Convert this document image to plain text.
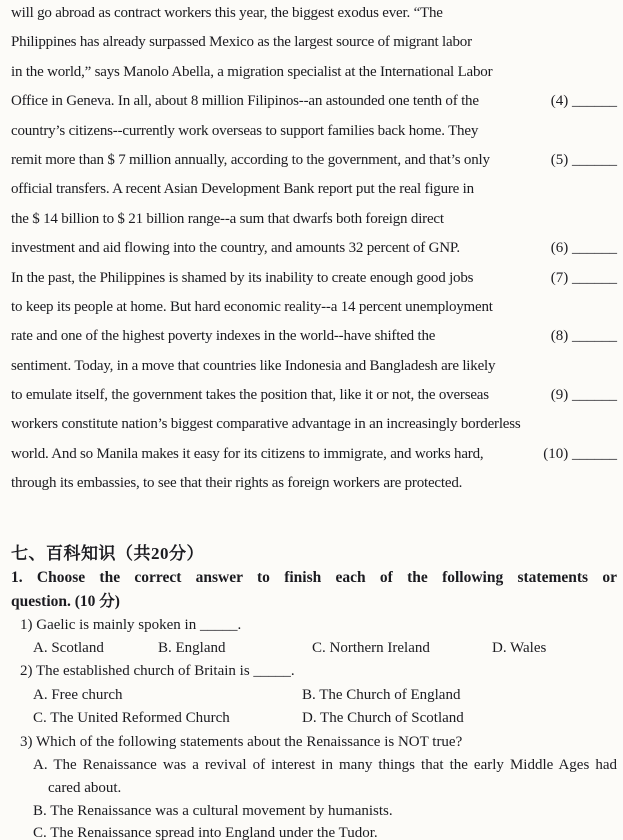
will go abroad as contract workers this year, the biggest exodus ever. “The
Philippines has already surpassed Mexico as the largest source of migrant labor
in the world,” says Manolo Abella, a migration specialist at the International Labor
Office in Geneva. In all, about 8 million Filipinos--an astounded one tenth of the	(4) ______
country’s citizens--currently work overseas to support families back home. They
remit more than $ 7 million annually, according to the government, and that’s only	(5) ______
official transfers. A recent Asian Development Bank report put the real figure in
the $ 14 billion to $ 21 billion range--a sum that dwarfs both foreign direct
investment and aid flowing into the country, and amounts 32 percent of GNP.	(6) ______
In the past, the Philippines is shamed by its inability to create enough good jobs	(7) ______
to keep its people at home. But hard economic reality--a 14 percent unemployment
rate and one of the highest poverty indexes in the world--have shifted the	(8) ______
sentiment. Today, in a move that countries like Indonesia and Bangladesh are likely
to emulate itself, the government takes the position that, like it or not, the overseas	(9) ______
workers constitute nation’s biggest comparative advantage in an increasingly borderless
world. And so Manila makes it easy for its citizens to immigrate, and works hard,	(10) ______
through its embassies, to see that their rights as foreign workers are protected.
七、百科知识（共20分）
1. Choose the correct answer to finish each of the following statements or
question. (10 分)
1) Gaelic is mainly spoken in _____.
A. Scotland	B. England	C. Northern Ireland	D. Wales
2) The established church of Britain is _____.
A. Free church	B. The Church of England
C. The United Reformed Church	D. The Church of Scotland
3) Which of the following statements about the Renaissance is NOT true?
A. The Renaissance was a revival of interest in many things that the early Middle Ages had
cared about.
B. The Renaissance was a cultural movement by humanists.
C. The Renaissance spread into England under the Tudor.
